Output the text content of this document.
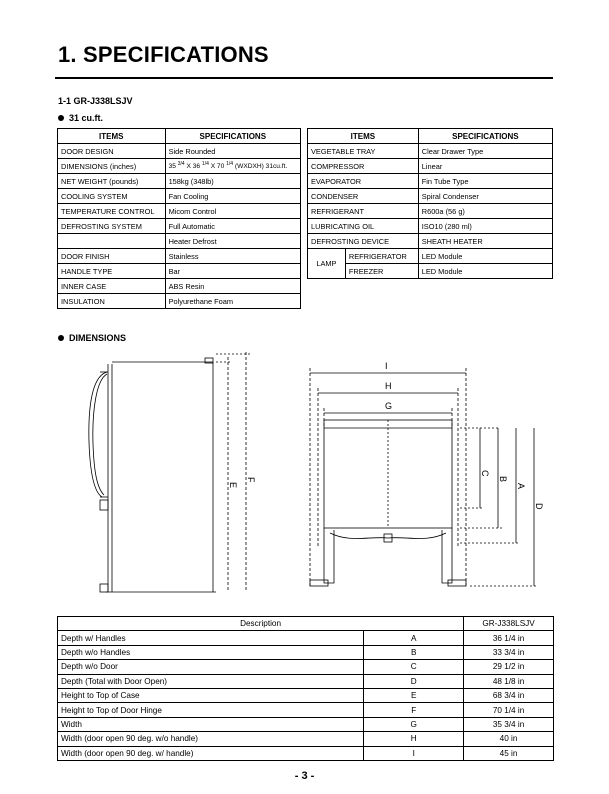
1. SPECIFICATIONS
1-1 GR-J338LSJV
31 cu.ft.
ITEMS	SPECIFICATIONS
DOOR DESIGN	Side Rounded
DIMENSIONS (inches)	35 $^{3/4}$ X 36 $^{1/4}$ X 70 $^{1/4}$ (WXDXH) 31cu.ft.
NET WEIGHT (pounds)	158kg (348lb)
COOLING SYSTEM	Fan Cooling
TEMPERATURE CONTROL	Micom Control
DEFROSTING SYSTEM	Full Automatic
	Heater Defrost
DOOR FINISH	Stainless
HANDLE TYPE	Bar
INNER CASE	ABS Resin
INSULATION	Polyurethane Foam
ITEMS		SPECIFICATIONS
VEGETABLE TRAY		Clear Drawer Type
COMPRESSOR		Linear
EVAPORATOR		Fin Tube Type
CONDENSER		Spiral Condenser
REFRIGERANT		R600a (56 g)
LUBRICATING OIL		ISO10 (280 ml)
DEFROSTING DEVICE		SHEATH HEATER
LAMP	REFRIGERATOR	LED Module
	FREEZER	LED Module
DIMENSIONS
E
F
I
H
G
C
B
A
D
Description		GR-J338LSJV
Depth w/ Handles	A	36 1/4 in
Depth w/o Handles	B	33 3/4 in
Depth w/o Door	C	29 1/2 in
Depth (Total with Door Open)	D	48 1/8 in
Height to Top of Case	E	68 3/4 in
Height to Top of Door Hinge	F	70 1/4 in
Width	G	35 3/4 in
Width (door open 90 deg. w/o handle)	H	40 in
Width (door open 90 deg. w/ handle)	I	45 in
- 3 -
